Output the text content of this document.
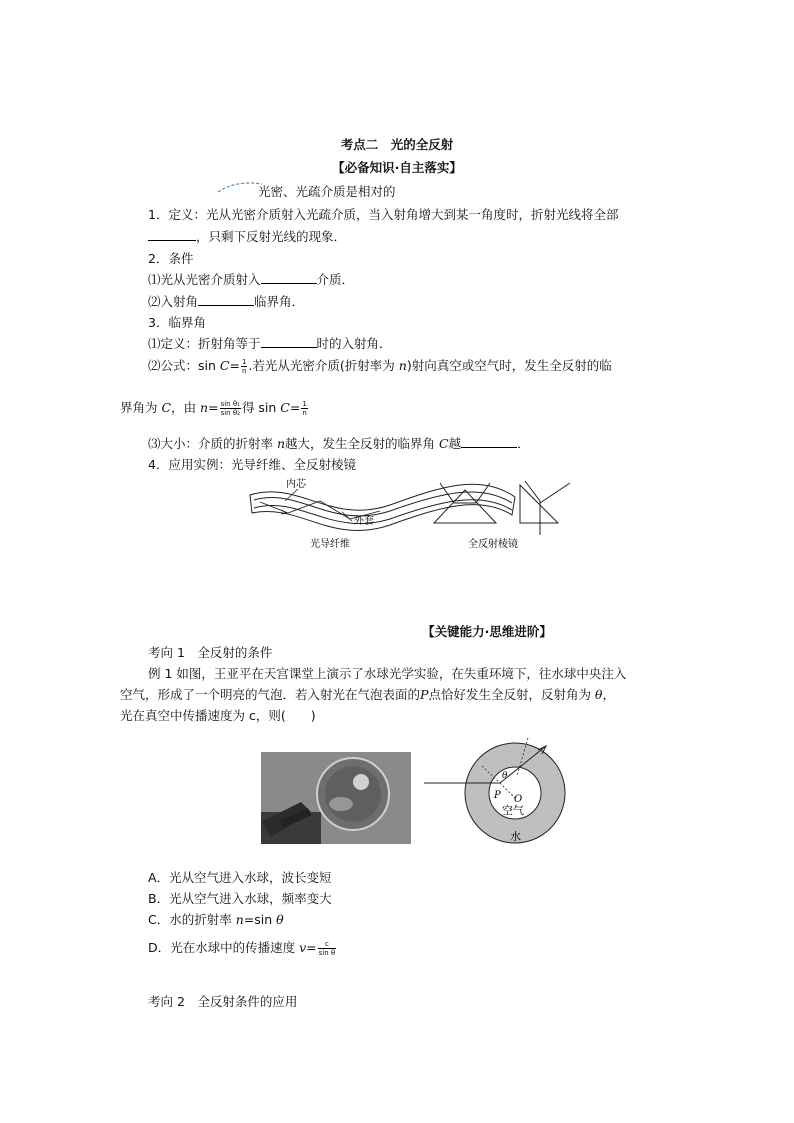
考点二　光的全反射
【必备知识·自主落实】
光密、光疏介质是相对的
1．定义：光从光密介质射入光疏介质，当入射角增大到某一角度时，折射光线将全部
，只剩下反射光线的现象．
2．条件
⑴光从光密介质射入	介质．
⑵入射角	临界角．
3．临界角
⑴定义：折射角等于	时的入射角．
⑵公式：$\sin C= \frac{1}{n}$ .若光从光密介质(折射率为 n)射向真空或空气时，发生全反射的临
界角为 C，由 $n= \frac{\text{sin θ₁}}{\text{sin θ₂}}$ 得 $\sin C= \frac{1}{n}$
⑶大小：介质的折射率 n越大，发生全反射的临界角 C越	．
4．应用实例：光导纤维、全反射棱镜
内芯
外套
光导纤维	全反射棱镜
【关键能力·思维进阶】
考向 1　全反射的条件
例 1 如图，王亚平在天宫课堂上演示了水球光学实验，在失重环境下，往水球中央注入
空气，形成了一个明亮的气泡．若入射光在气泡表面的P点恰好发生全反射，反射角为 θ，
光在真空中传播速度为 c，则(　　)
θ
P O
空气
水
A．光从空气进入水球，波长变短
B．光从空气进入水球，频率变大
C．水的折射率 n=sin θ
D．光在水球中的传播速度 $v= \frac{c}{\text{sin θ}}$
考向 2　全反射条件的应用
